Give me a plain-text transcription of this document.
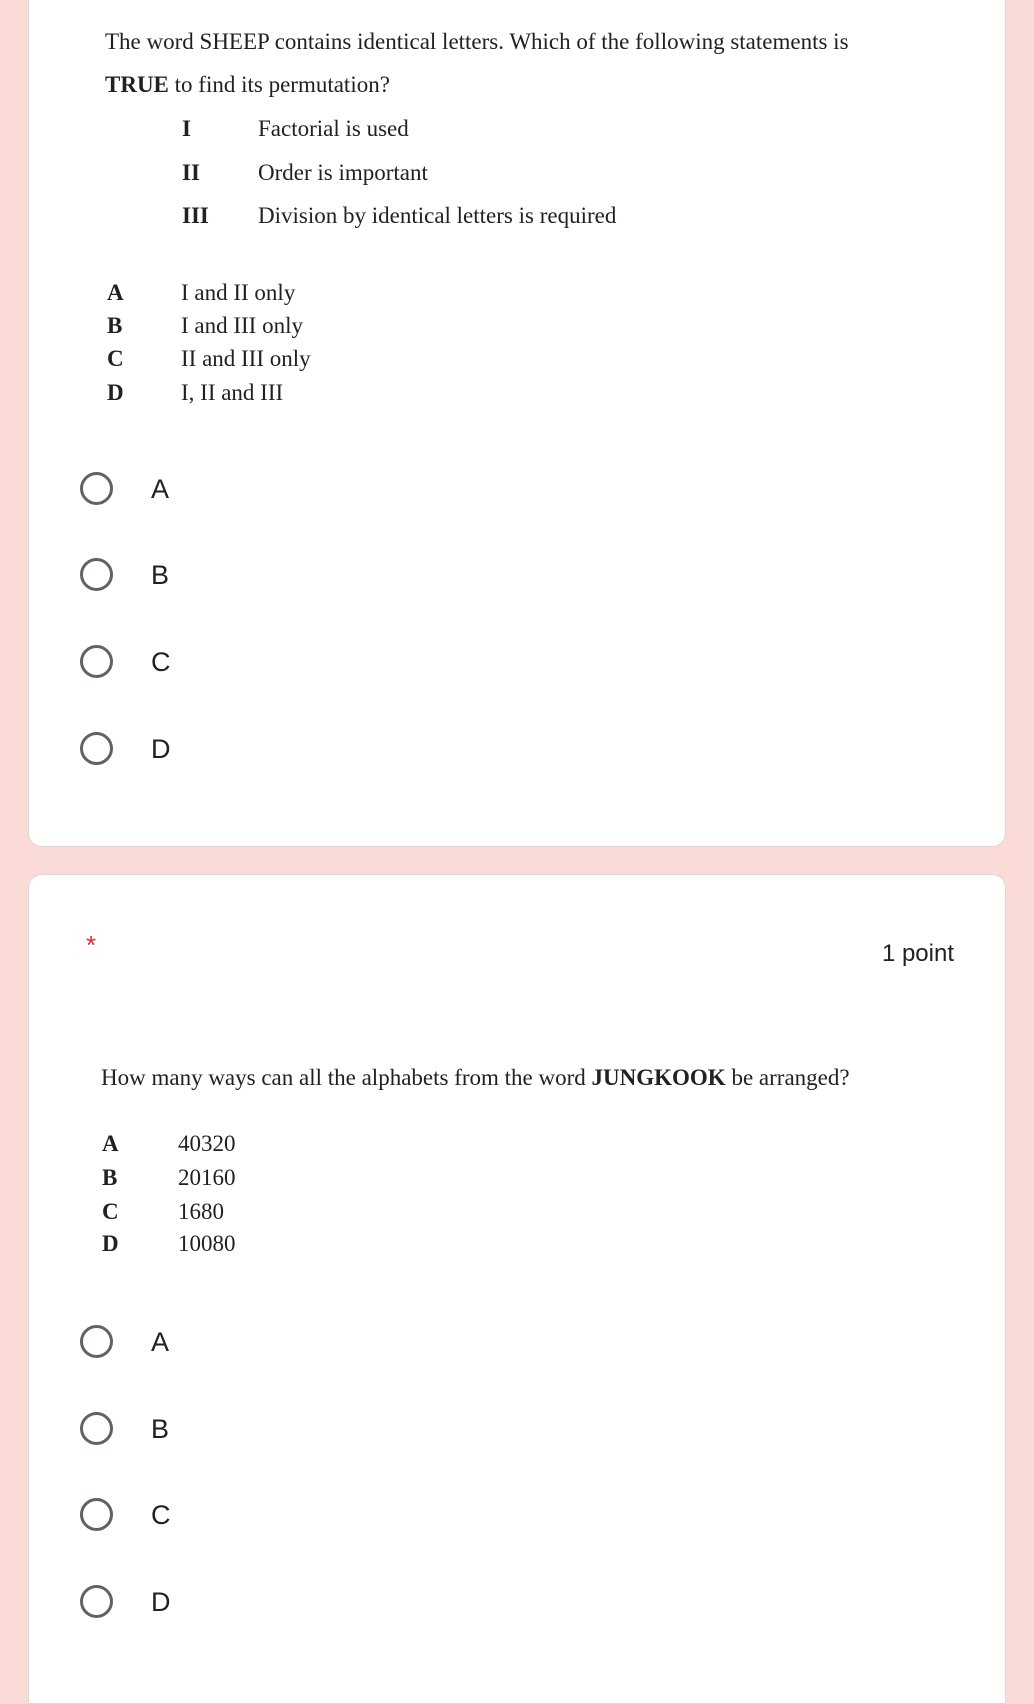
The word SHEEP contains identical letters. Which of the following statements is
TRUE to find its permutation?
I	Factorial is used
II	Order is important
III Division by identical letters is required
A I and II only
B	I and III only
C II and III only
D I, II and III
A
B
C
D
*	1 point
How many ways can all the alphabets from the word JUNGKOOK be arranged?
A	40320
B	20160
C	1680
D	10080
A
B
C
D
